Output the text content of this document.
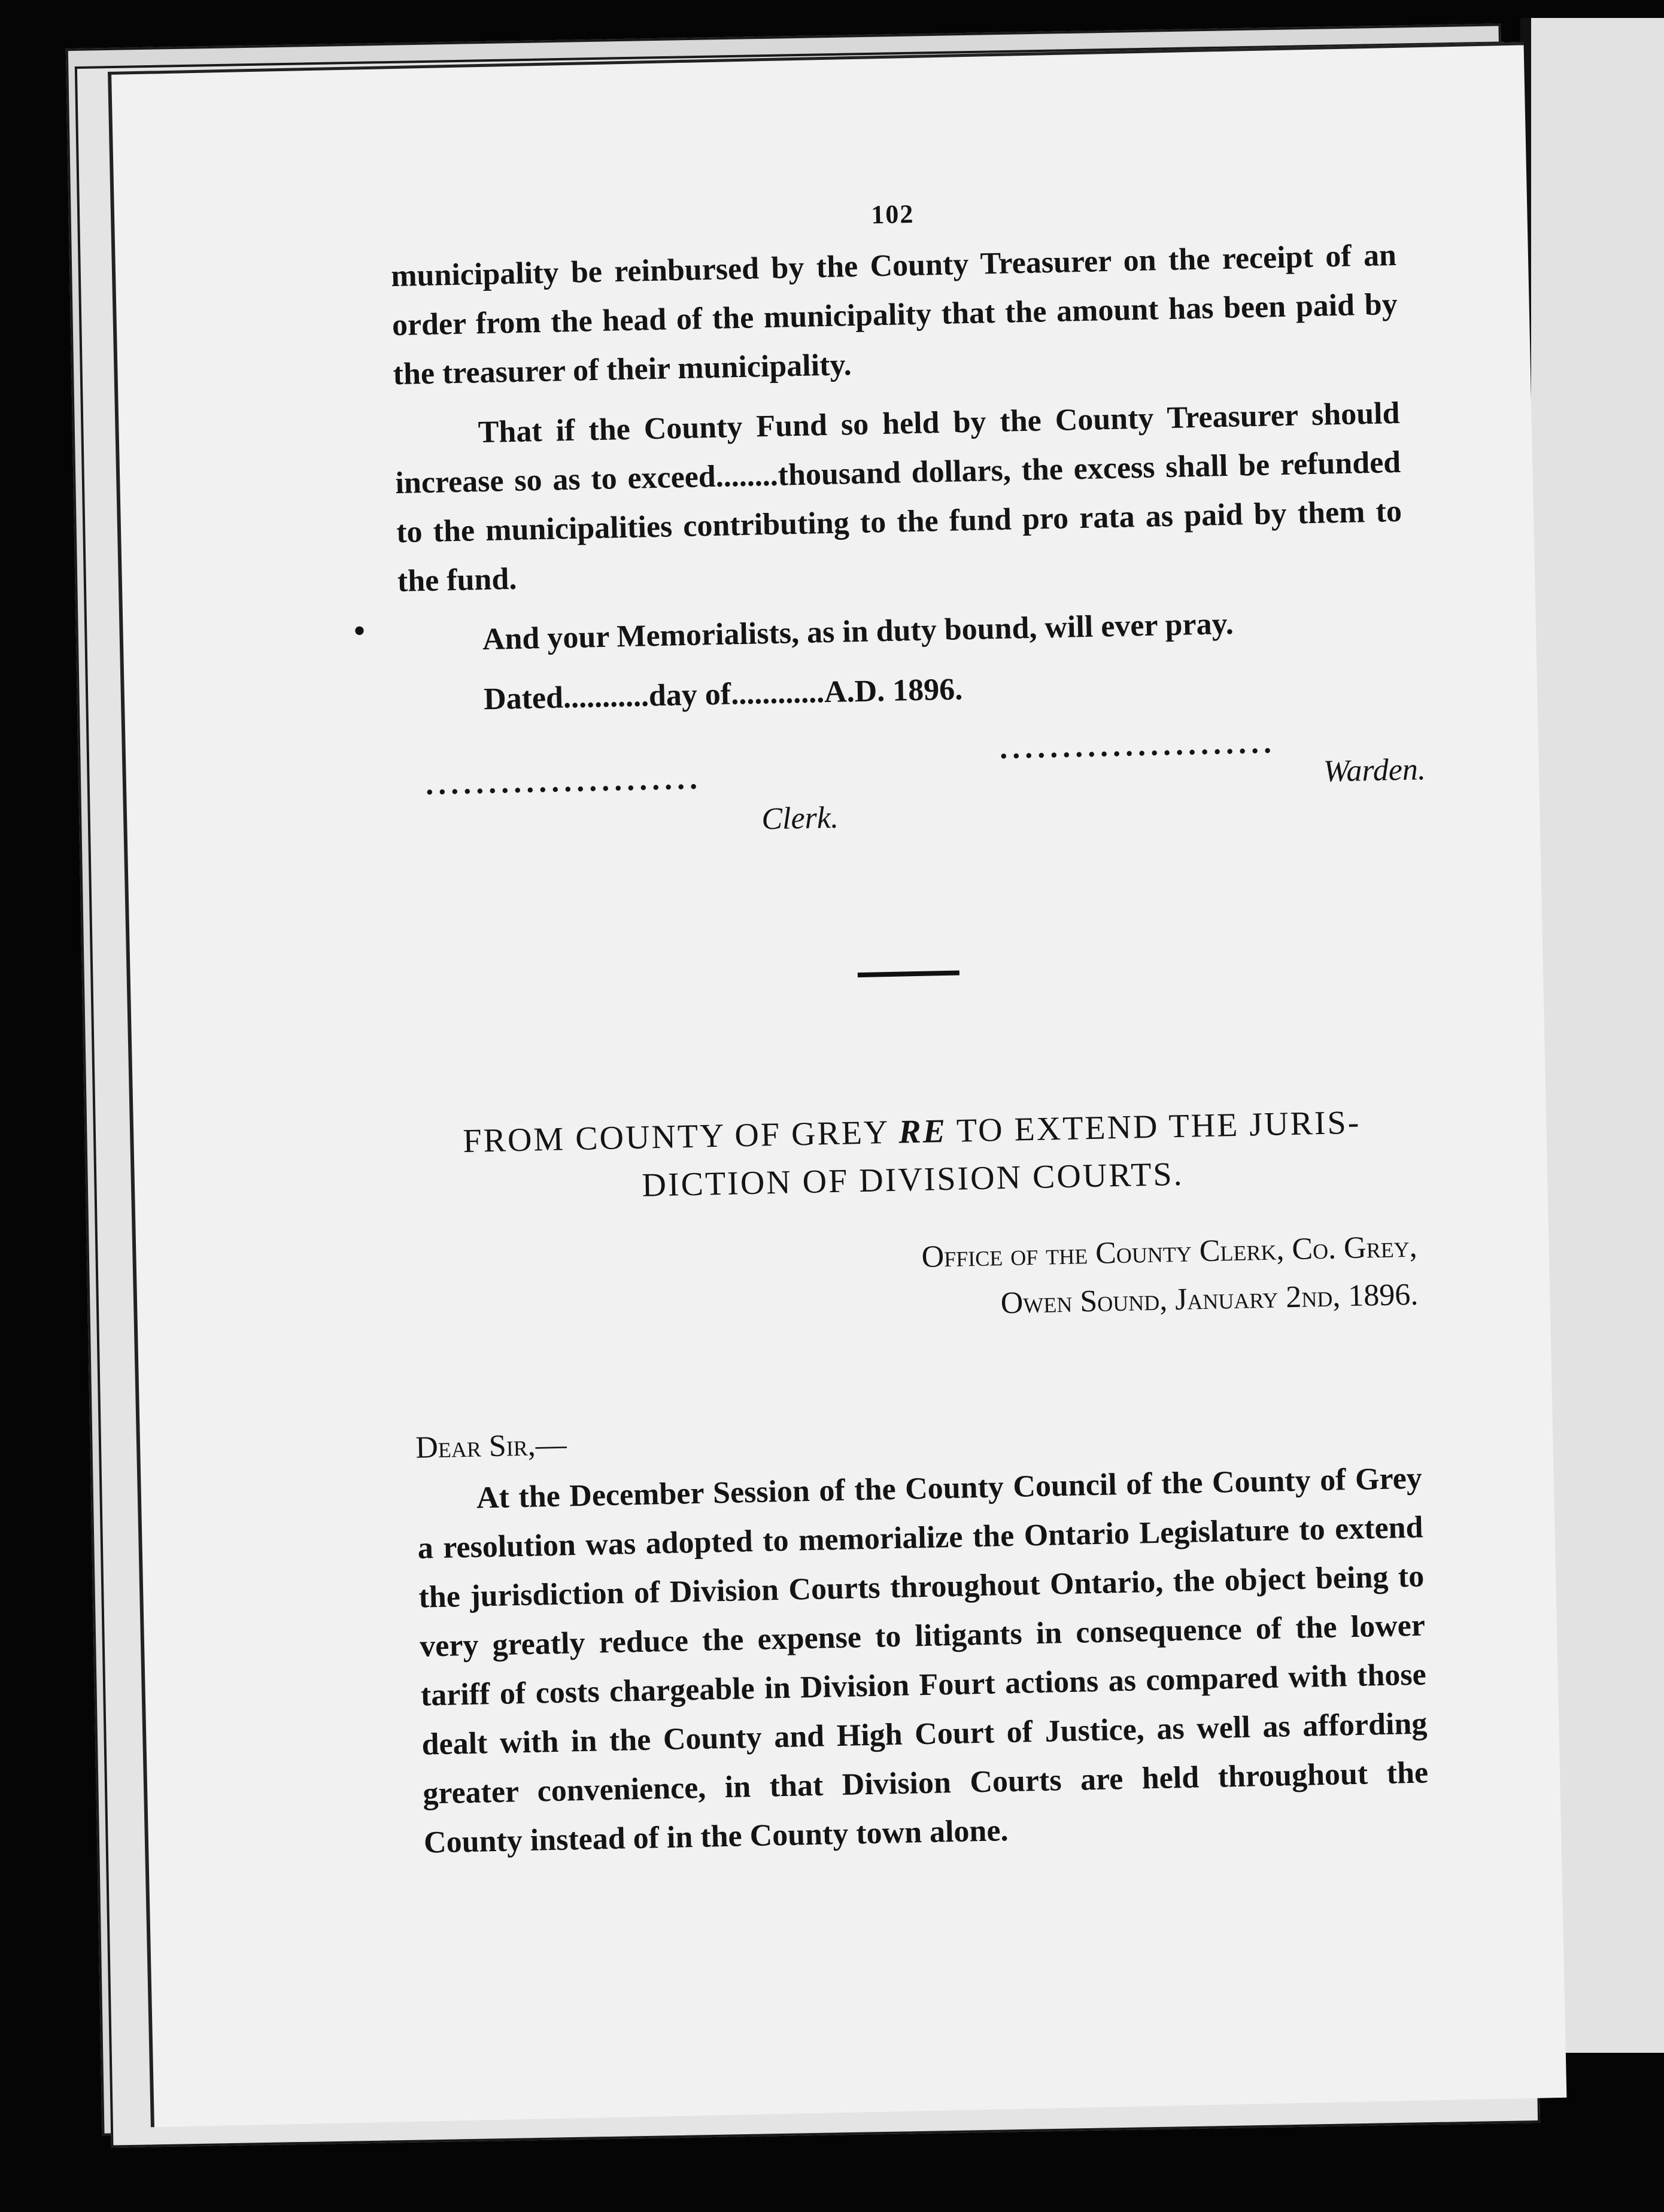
102

municipality be reinbursed by the County Treasurer on the receipt of an order from the head of the municipality that the amount has been paid by the treasurer of their municipality.

That if the County Fund so held by the County Treasurer should increase so as to exceed........thousand dollars, the excess shall be refunded to the municipalities contributing to the fund pro rata as paid by them to the fund.

And your Memorialists, as in duty bound, will ever pray.

Dated...........day of............A.D. 1896.

......................
......................
Clerk.
Warden.

FROM COUNTY OF GREY RE TO EXTEND THE JURIS-

DICTION OF DIVISION COURTS.

Office of the County Clerk, Co. Grey,
Owen Sound, January 2nd, 1896.

Dear Sir,—

At the December Session of the County Council of the County of Grey a resolution was adopted to memorialize the Ontario Legislature to extend the jurisdiction of Division Courts throughout Ontario, the object being to very greatly reduce the expense to litigants in consequence of the lower tariff of costs chargeable in Division Fourt actions as compared with those dealt with in the County and High Court of Justice, as well as affording greater convenience, in that Division Courts are held throughout the County instead of in the County town alone.

•
